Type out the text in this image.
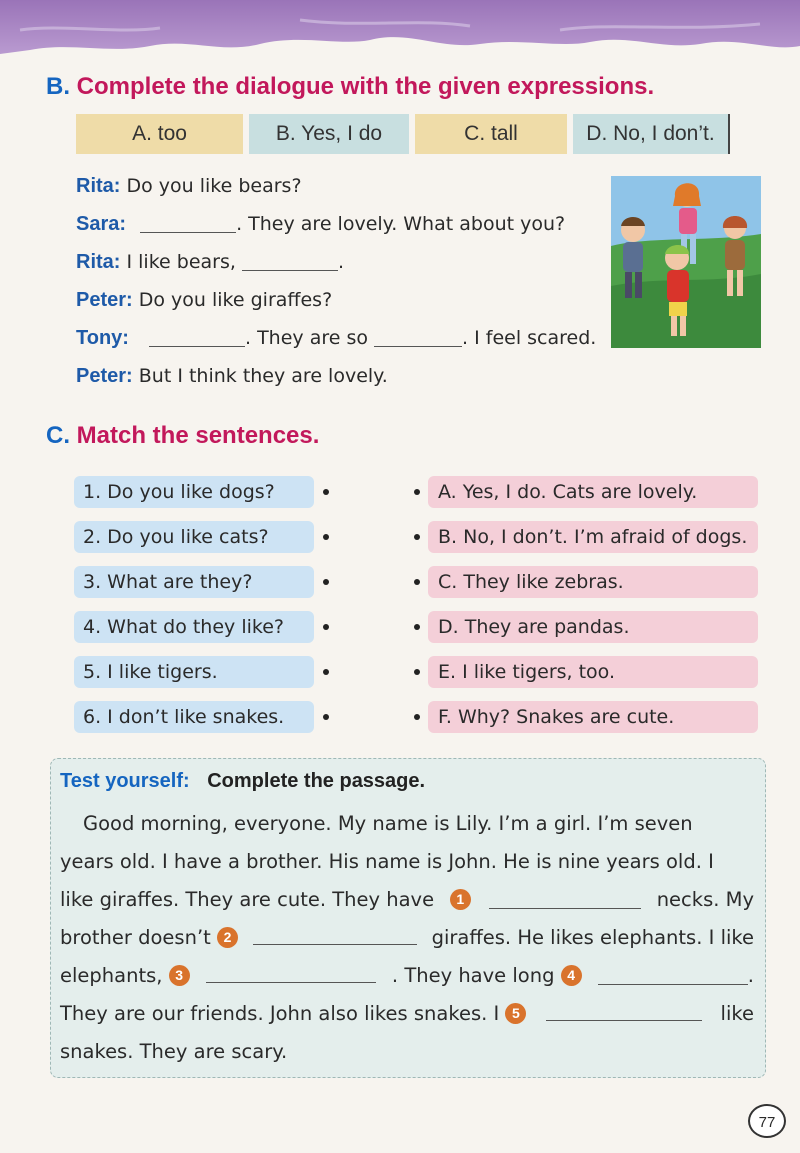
B. Complete the dialogue with the given expressions.
A. too	B. Yes, I do	C. tall	D. No, I don’t.
Rita: Do you like bears?
Sara:	. They are lovely. What about you?
Rita: I like bears,	.
Peter: Do you like giraffes?
Tony:	. They are so	. I feel scared.
Peter: But I think they are lovely.
C. Match the sentences.
1. Do you like dogs?
2. Do you like cats?
3. What are they?
4. What do they like?
5. I like tigers.
6. I don’t like snakes.
A. Yes, I do. Cats are lovely.
B. No, I don’t. I’m afraid of dogs.
C. They like zebras.
D. They are pandas.
E. I like tigers, too.
F. Why? Snakes are cute.
Test yourself: Complete the passage.
Good morning, everyone. My name is Lily. I’m a girl. I’m seven
years old. I have a brother. His name is John. He is nine years old. I
like giraffes. They are cute. They have	1	necks. My
brother doesn’t 2	giraffes. He likes elephants. I like
elephants, 3	. They have long 4	.
They are our friends. John also likes snakes. I 5	like
snakes. They are scary.
77
